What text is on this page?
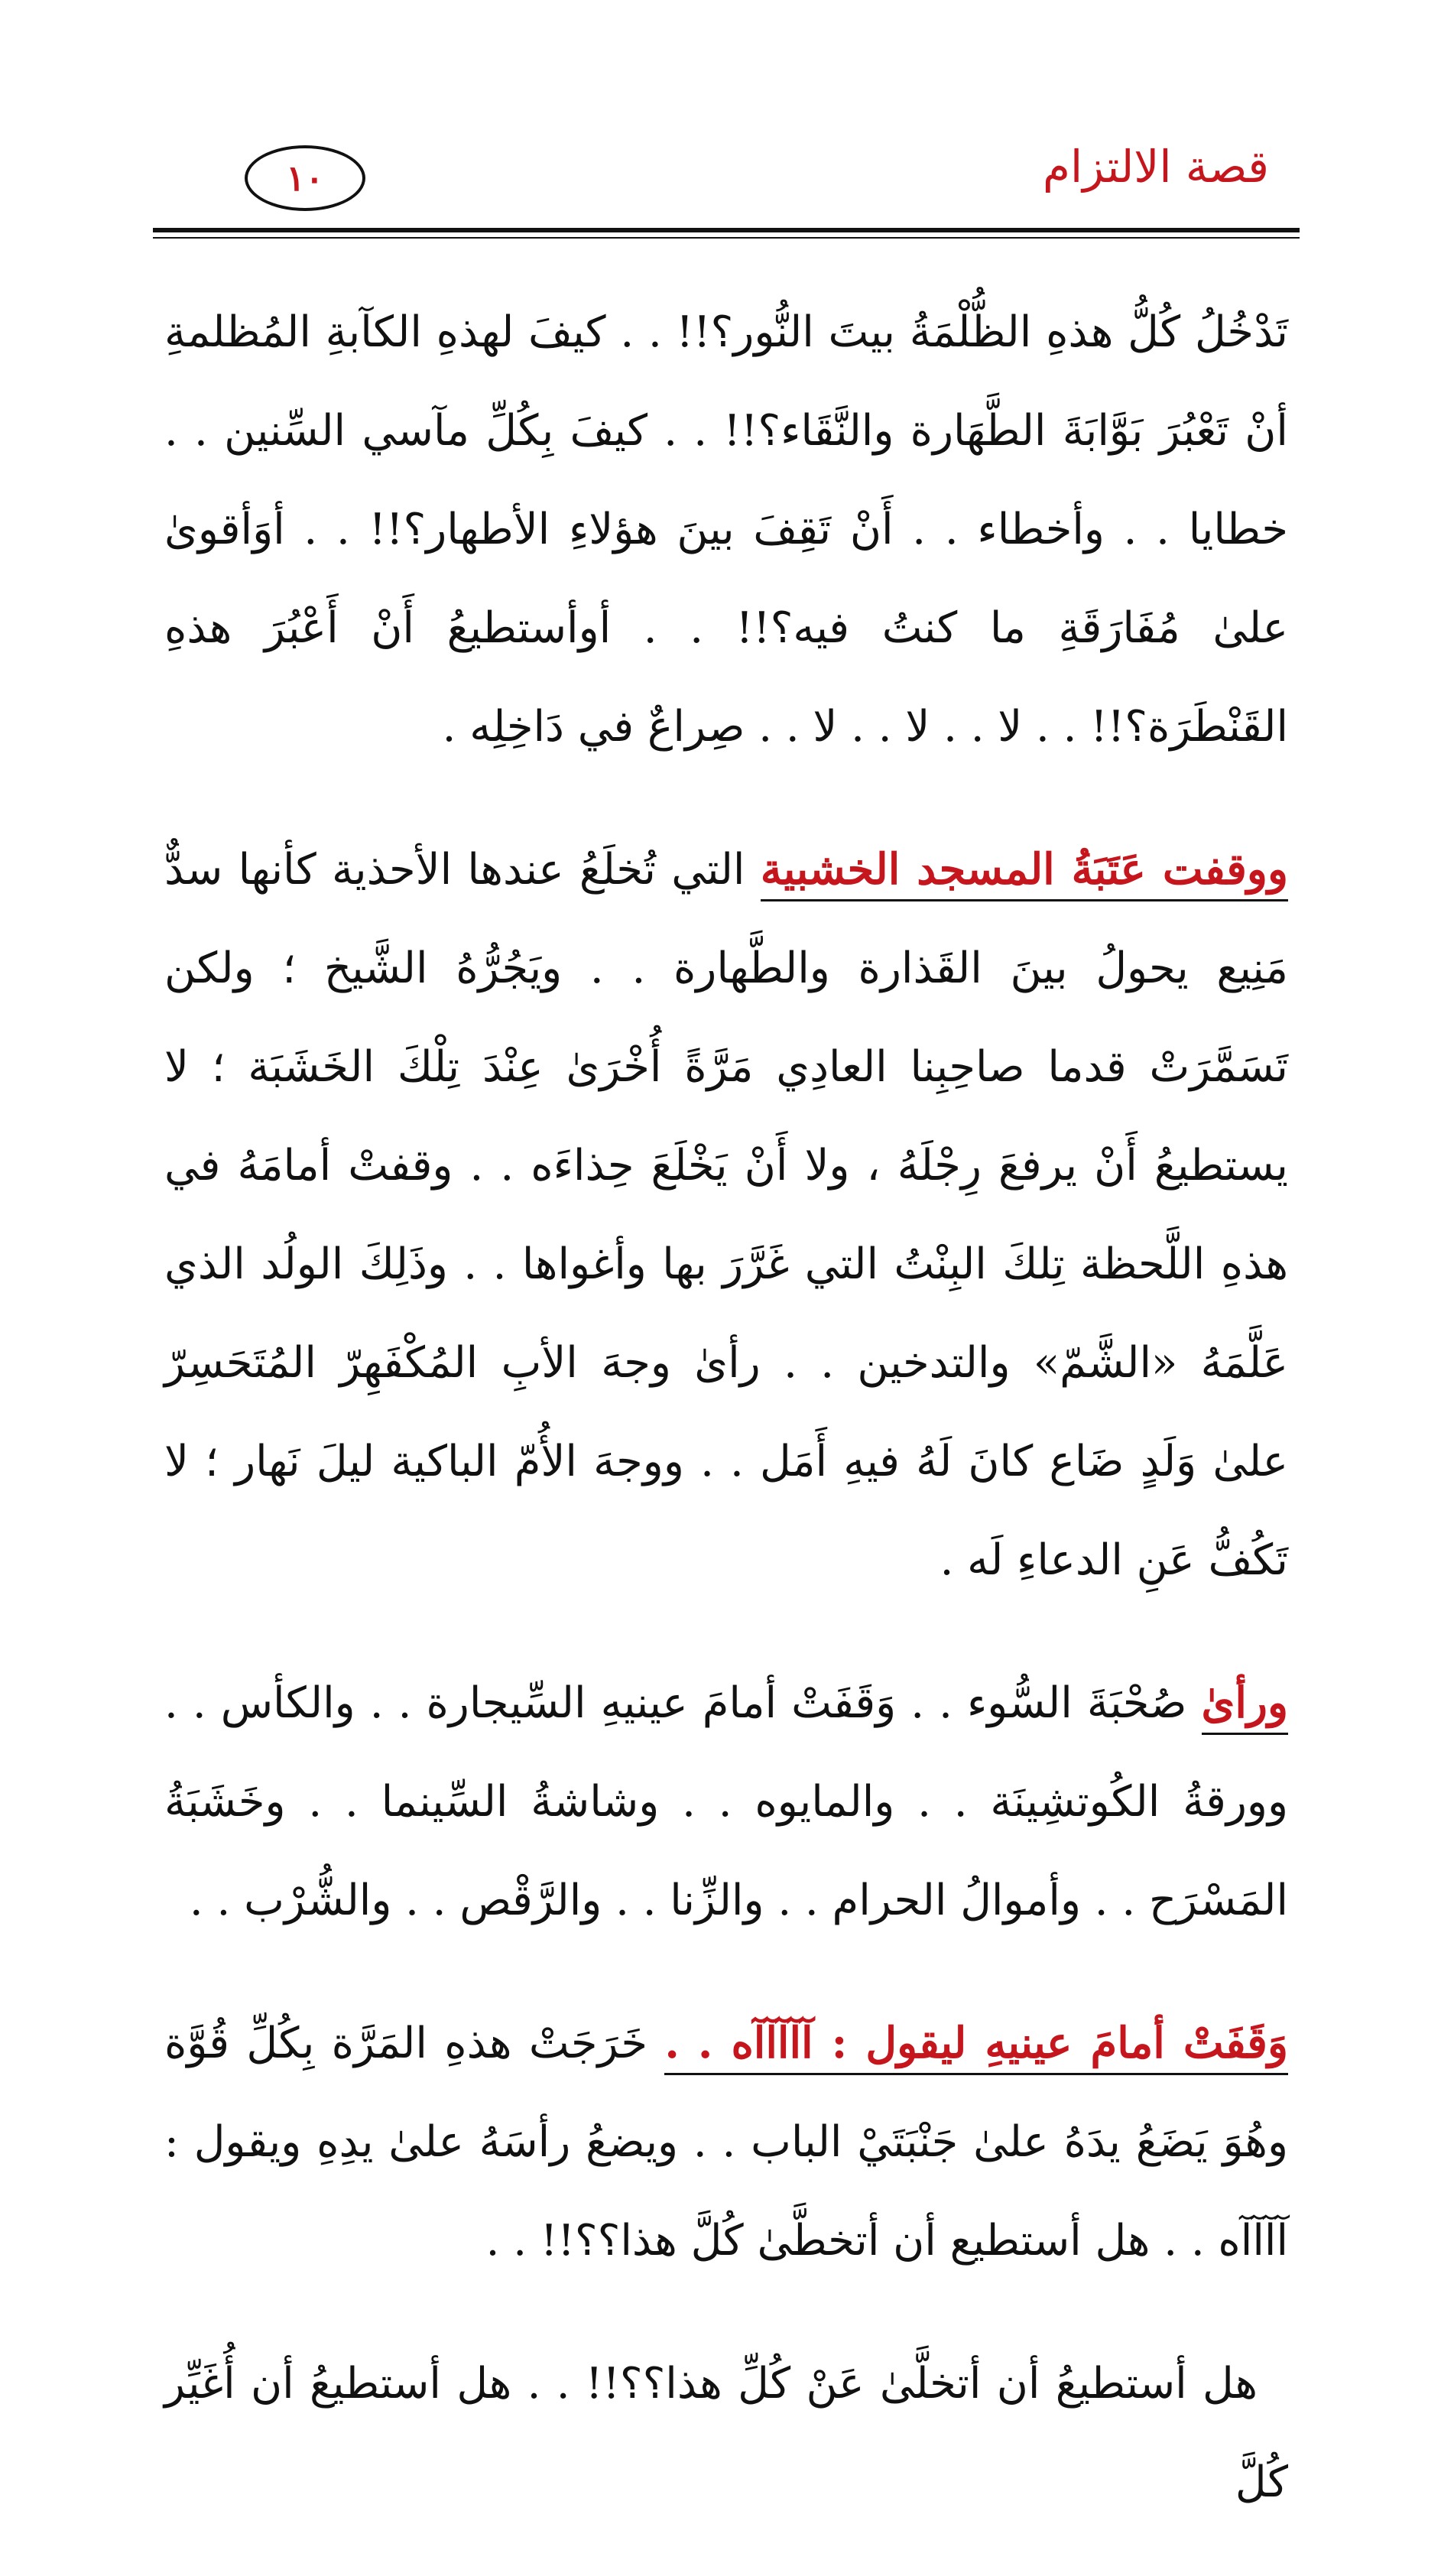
١٠	قصة الالتزام

تَدْخُلُ كُلُّ هذهِ الظُّلْمَةُ بيتَ النُّور؟!! . . كيفَ لهذهِ الكآبةِ المُظلمةِ أنْ تَعْبُرَ بَوَّابَةَ الطَّهَارة والنَّقَاء؟!! . . كيفَ بِكُلِّ مآسي السِّنين . . خطايا . . وأخطاء . . أَنْ تَقِفَ بينَ هؤلاءِ الأطهار؟!! . . أوَأقوىٰ علىٰ مُفَارَقَةِ ما كنتُ فيه؟!! . . أوأستطيعُ أَنْ أَعْبُرَ هذهِ القَنْطَرَة؟!! . . لا . . لا . . لا . . صِراعٌ في دَاخِلِه .

ووقفت عَتَبَةُ المسجد الخشبية التي تُخلَعُ عندها الأحذية كأنها سدٌّ مَنِيع يحولُ بينَ القَذارة والطَّهارة . . ويَجُرُّهُ الشَّيخ ؛ ولكن تَسَمَّرَتْ قدما صاحِبِنا العادِي مَرَّةً أُخْرَىٰ عِنْدَ تِلْكَ الخَشَبَة ؛ لا يستطيعُ أَنْ يرفعَ رِجْلَهُ ، ولا أَنْ يَخْلَعَ حِذاءَه . . وقفتْ أمامَهُ في هذهِ اللَّحظة تِلكَ البِنْتُ التي غَرَّرَ بها وأغواها . . وذَلِكَ الولُد الذي عَلَّمَهُ «الشَّمّ» والتدخين . . رأىٰ وجهَ الأبِ المُكْفَهِرّ المُتَحَسِرّ علىٰ وَلَدٍ ضَاع كانَ لَهُ فيهِ أَمَل . . ووجهَ الأُمّ الباكية ليلَ نَهار ؛ لا تَكُفُّ عَنِ الدعاءِ لَه .

ورأىٰ صُحْبَةَ السُّوء . . وَقَفَتْ أمامَ عينيهِ السِّيجارة . . والكأس . . وورقةُ الكُوتشِينَة . . والمايوه . . وشاشةُ السِّينما . . وخَشَبَةُ المَسْرَح . . وأموالُ الحرام . . والزِّنا . . والرَّقْص . . والشُّرْب . .

وَقَفَتْ أمامَ عينيهِ ليقول : آآآآآه . . خَرَجَتْ هذهِ المَرَّة بِكُلِّ قُوَّة وهُوَ يَضَعُ يدَهُ علىٰ جَنْبَتَيْ الباب . . ويضعُ رأسَهُ علىٰ يدِهِ ويقول : آآآآه . . هل أستطيع أن أتخطَّىٰ كُلَّ هذا؟؟!! . .

هل أستطيعُ أن أتخلَّىٰ عَنْ كُلِّ هذا؟؟!! . . هل أستطيعُ أن أُغَيِّر كُلَّ
